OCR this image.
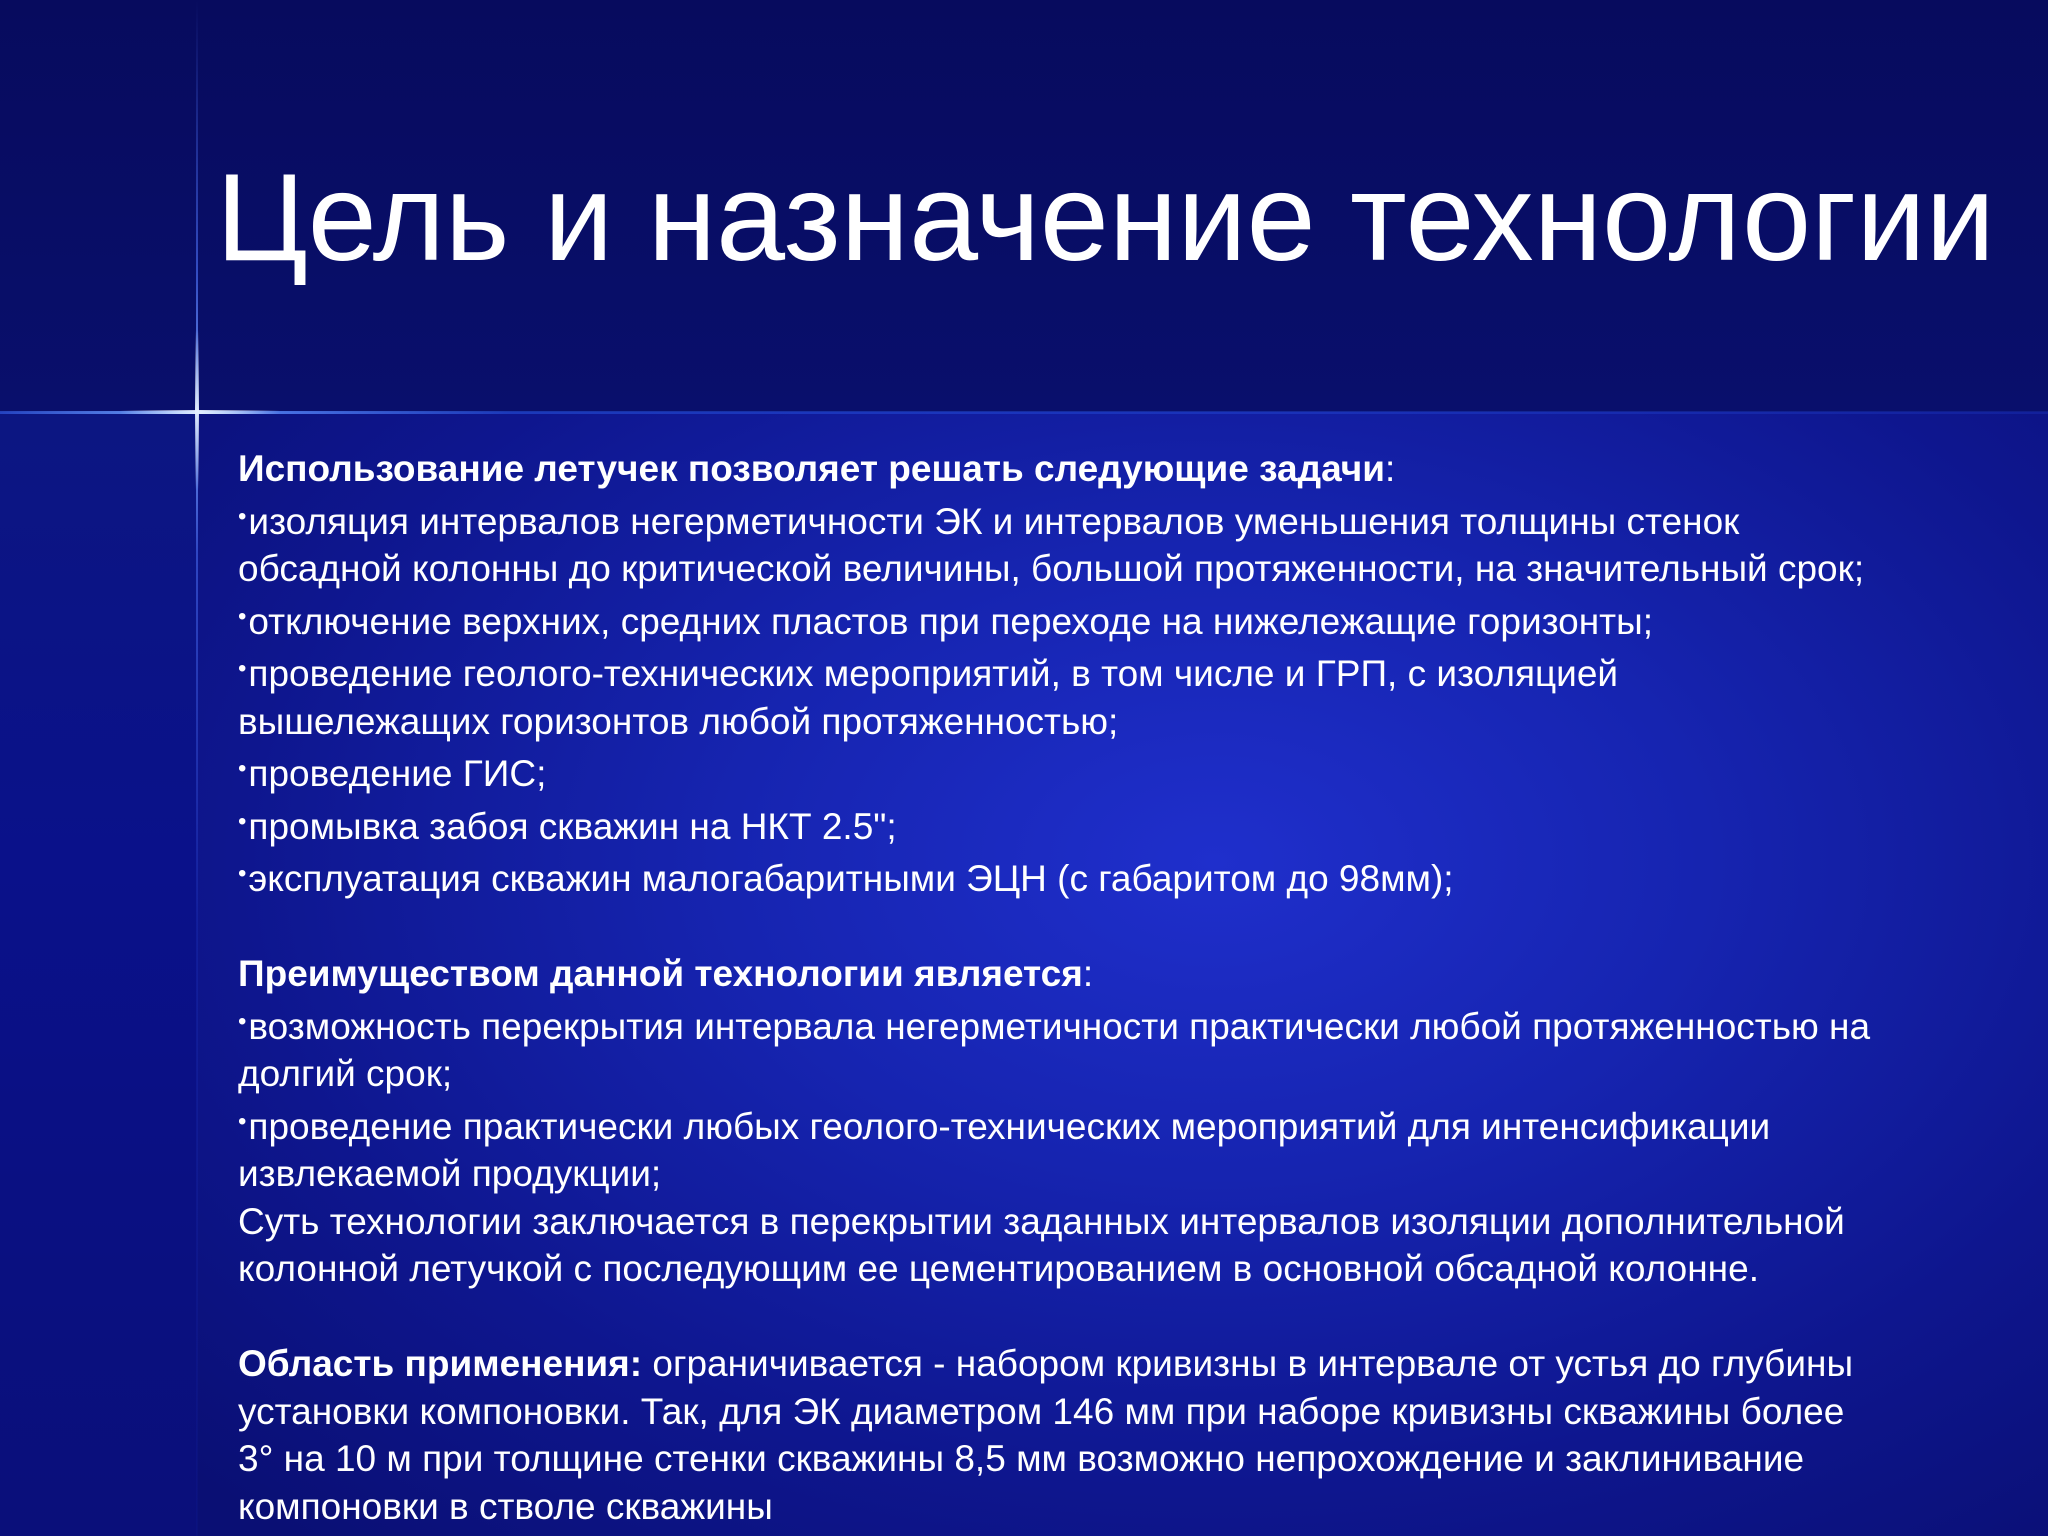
Цель и назначение технологии

Использование летучек позволяет решать следующие задачи:

•изоляция интервалов негерметичности ЭК и интервалов уменьшения толщины стенок

обсадной колонны до критической величины, большой протяженности, на значительный срок;

•отключение верхних, средних пластов при переходе на нижележащие горизонты;

•проведение геолого-технических мероприятий, в том числе и ГРП, с изоляцией

вышележащих горизонтов любой протяженностью;

•проведение ГИС;

•промывка забоя скважин на НКТ 2.5";

•эксплуатация скважин малогабаритными ЭЦН (с габаритом до 98мм);

Преимуществом данной технологии является:

•возможность перекрытия интервала негерметичности практически любой протяженностью на

долгий срок;

•проведение практически любых геолого-технических мероприятий для интенсификации

извлекаемой продукции;

Суть технологии заключается в перекрытии заданных интервалов изоляции дополнительной

колонной летучкой с последующим ее цементированием в основной обсадной колонне.

Область применения: ограничивается - набором кривизны в интервале от устья до глубины

установки компоновки. Так, для ЭК диаметром 146 мм при наборе кривизны скважины более

3° на 10 м при толщине стенки скважины 8,5 мм возможно непрохождение и заклинивание

компоновки в стволе скважины
